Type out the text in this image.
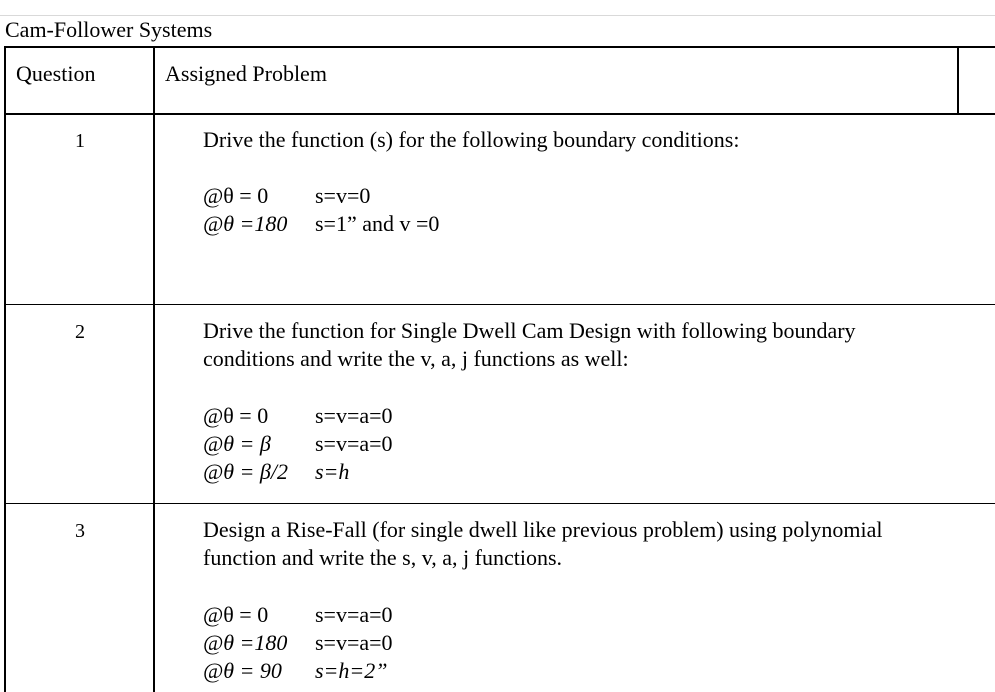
Cam-Follower Systems
Question	Assigned Problem
1	Drive the function (s) for the following boundary conditions:

@θ = 0	s=v=0
@θ =180	s=1” and v =0
2	Drive the function for Single Dwell Cam Design with following boundary
conditions and write the v, a, j functions as well:

@θ = 0	s=v=a=0
@θ = β	s=v=a=0
@θ = β/2	s=h
3	Design a Rise-Fall (for single dwell like previous problem) using polynomial
function and write the s, v, a, j functions.

@θ = 0	s=v=a=0
@θ =180	s=v=a=0
@θ = 90	s=h=2”
